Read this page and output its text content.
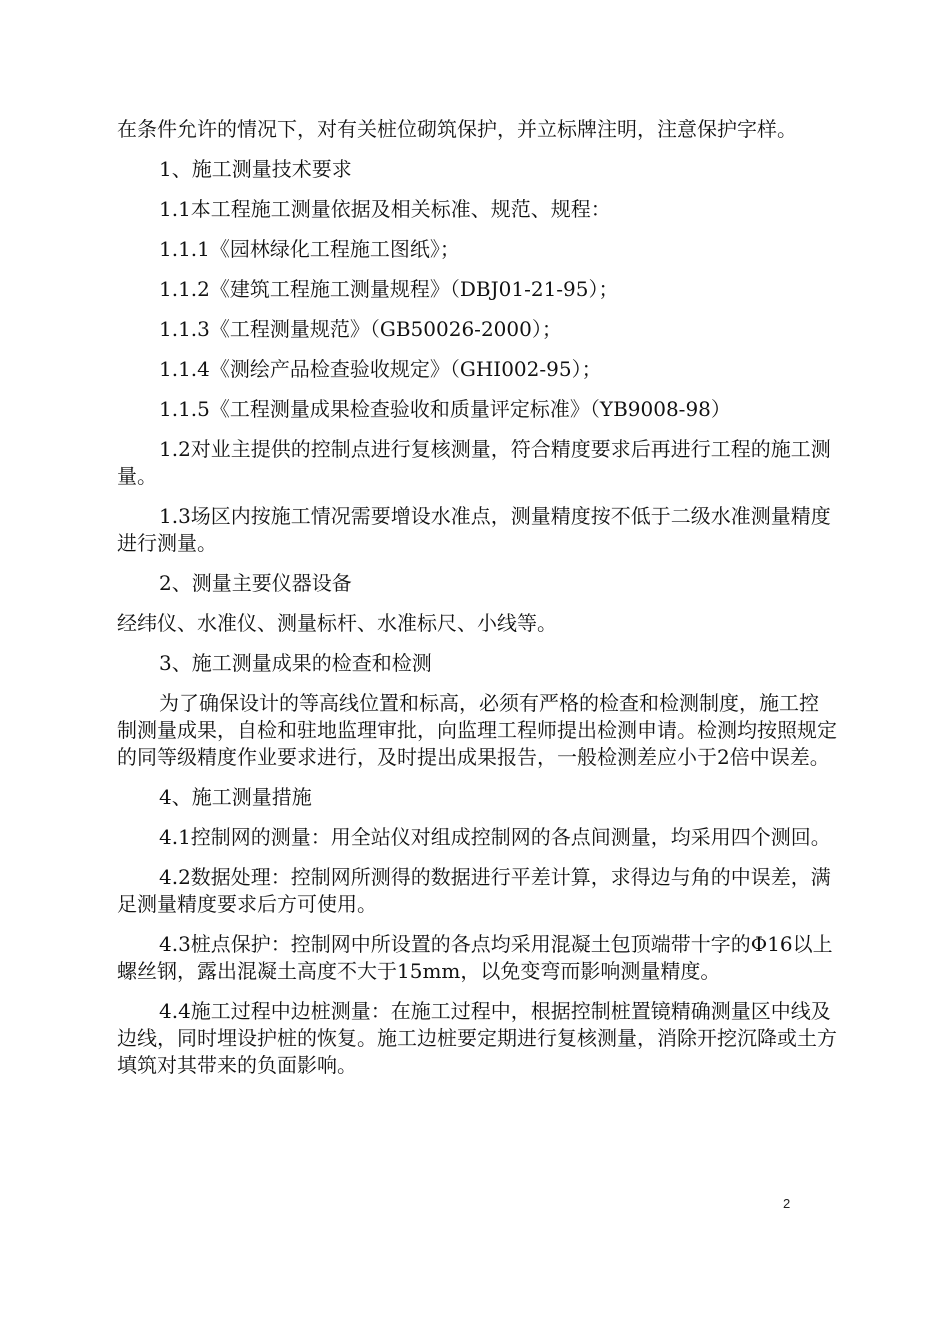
在条件允许的情况下，对有关桩位砌筑保护，并立标牌注明，注意保护字样。

1、施工测量技术要求

1.1本工程施工测量依据及相关标准、规范、规程：

1.1.1《园林绿化工程施工图纸》；

1.1.2《建筑工程施工测量规程》（DBJ01-21-95）；

1.1.3《工程测量规范》（GB50026-2000）；

1.1.4《测绘产品检查验收规定》（GHI002-95）；

1.1.5《工程测量成果检查验收和质量评定标准》（YB9008-98）

1.2对业主提供的控制点进行复核测量，符合精度要求后再进行工程的施工测量。

1.3场区内按施工情况需要增设水准点，测量精度按不低于二级水准测量精度进行测量。

2、测量主要仪器设备

经纬仪、水准仪、测量标杆、水准标尺、小线等。

3、施工测量成果的检查和检测

为了确保设计的等高线位置和标高，必须有严格的检查和检测制度，施工控制测量成果，自检和驻地监理审批，向监理工程师提出检测申请。检测均按照规定的同等级精度作业要求进行，及时提出成果报告，一般检测差应小于2倍中误差。

4、施工测量措施

4.1控制网的测量：用全站仪对组成控制网的各点间测量，均采用四个测回。

4.2数据处理：控制网所测得的数据进行平差计算，求得边与角的中误差，满足测量精度要求后方可使用。

4.3桩点保护：控制网中所设置的各点均采用混凝土包顶端带十字的Φ16以上螺丝钢，露出混凝土高度不大于15mm，以免变弯而影响测量精度。

4.4施工过程中边桩测量：在施工过程中，根据控制桩置镜精确测量区中线及边线，同时埋设护桩的恢复。施工边桩要定期进行复核测量，消除开挖沉降或土方填筑对其带来的负面影响。

2
